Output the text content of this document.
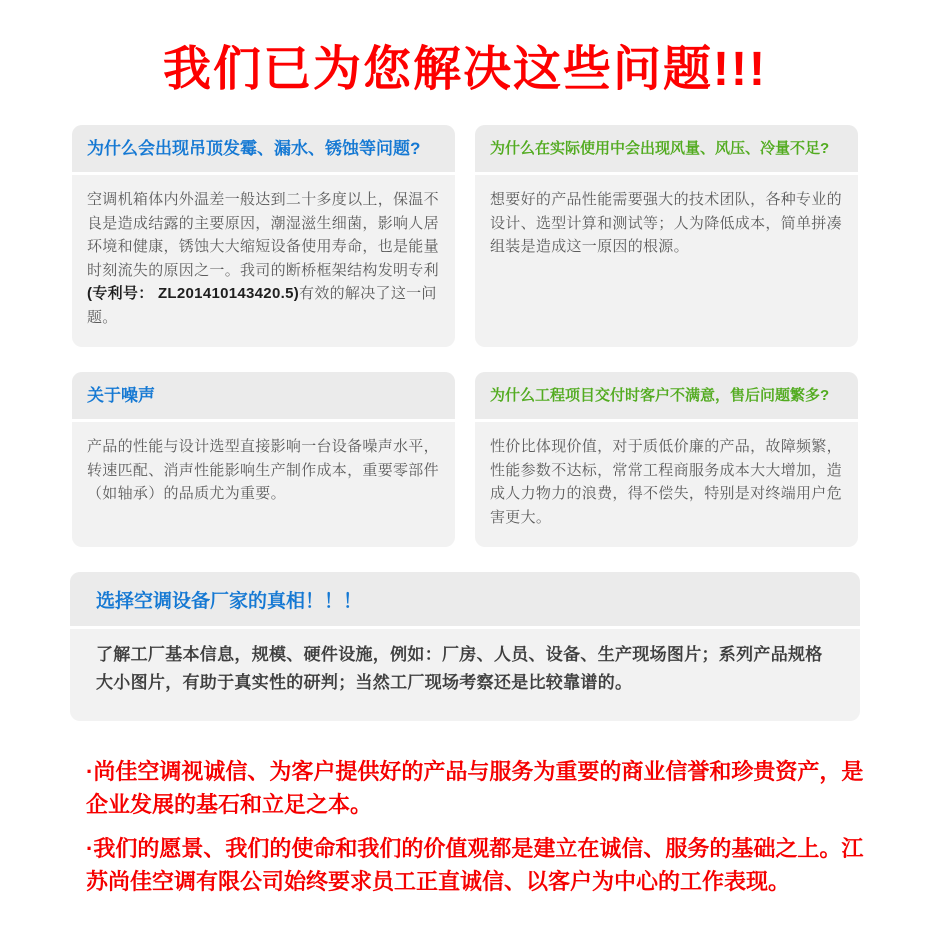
我们已为您解决这些问题!!!
为什么会出现吊顶发霉、漏水、锈蚀等问题?

空调机箱体内外温差一般达到二十多度以上，保温不良是造成结露的主要原因，潮湿滋生细菌，影响人居环境和健康，锈蚀大大缩短设备使用寿命，也是能量时刻流失的原因之一。我司的断桥框架结构发明专利(专利号： ZL201410143420.5)有效的解决了这一问题。

为什么在实际使用中会出现风量、风压、冷量不足?

想要好的产品性能需要强大的技术团队，各种专业的设计、选型计算和测试等；人为降低成本，简单拼凑组装是造成这一原因的根源。

关于噪声

产品的性能与设计选型直接影响一台设备噪声水平，转速匹配、消声性能影响生产制作成本，重要零部件（如轴承）的品质尤为重要。

为什么工程项目交付时客户不满意，售后问题繁多?

性价比体现价值，对于质低价廉的产品，故障频繁，性能参数不达标，常常工程商服务成本大大增加，造成人力物力的浪费，得不偿失，特别是对终端用户危害更大。

选择空调设备厂家的真相！！！

了解工厂基本信息，规模、硬件设施，例如：厂房、人员、设备、生产现场图片；系列产品规格大小图片，有助于真实性的研判；当然工厂现场考察还是比较靠谱的。

·尚佳空调视诚信、为客户提供好的产品与服务为重要的商业信誉和珍贵资产，是企业发展的基石和立足之本。

·我们的愿景、我们的使命和我们的价值观都是建立在诚信、服务的基础之上。江苏尚佳空调有限公司始终要求员工正直诚信、以客户为中心的工作表现。
